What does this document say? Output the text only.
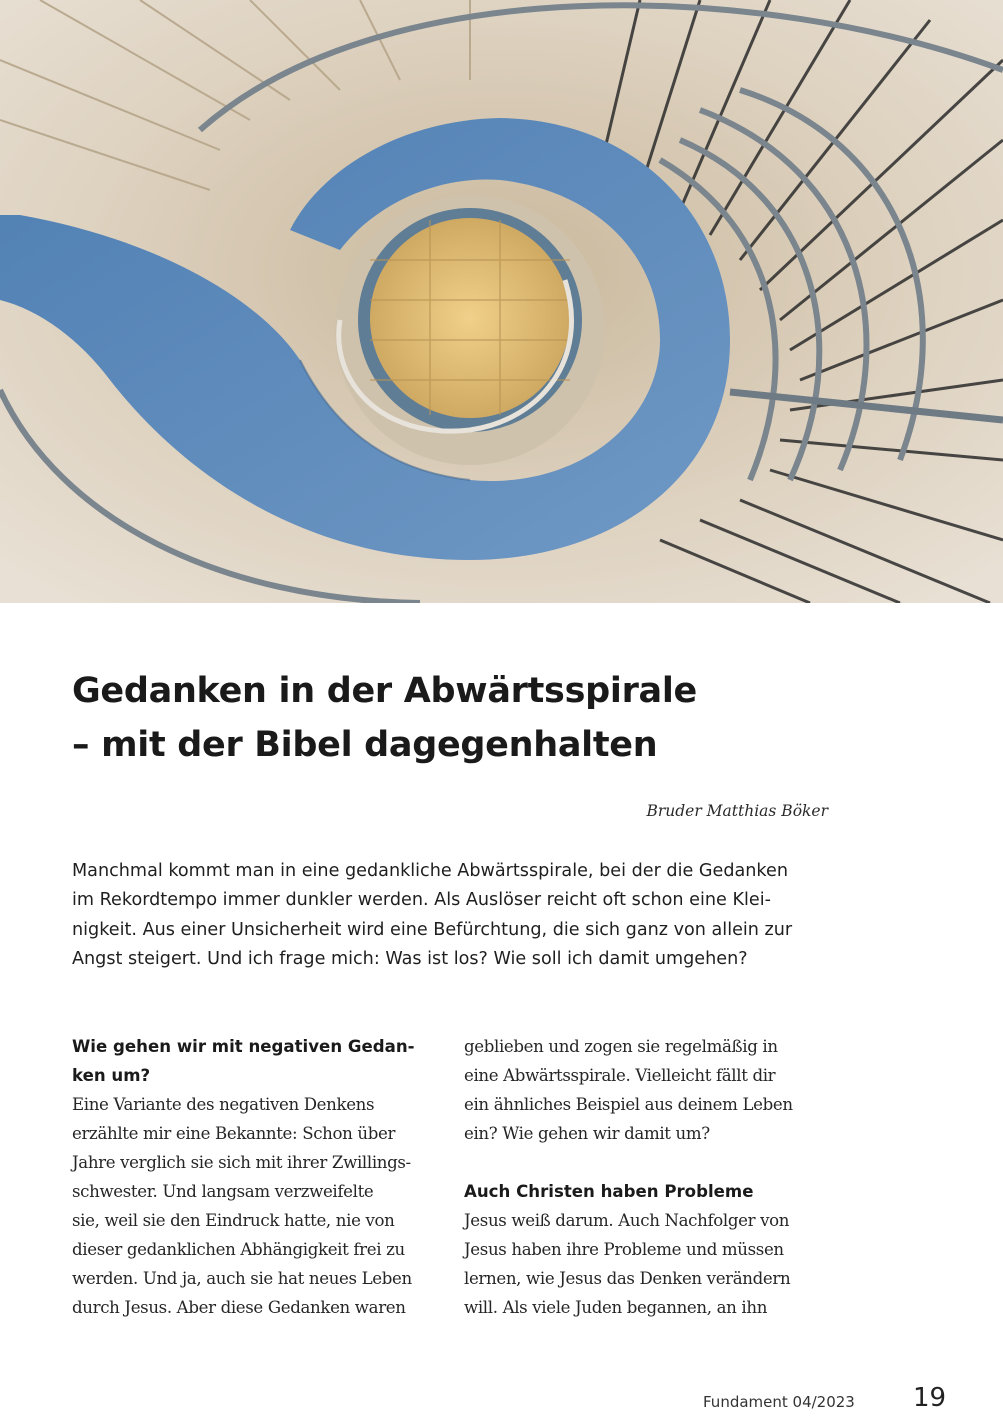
Gedanken in der Abwärtsspirale
– mit der Bibel dagegenhalten
Bruder Matthias Böker

Manchmal kommt man in eine gedankliche Abwärtsspirale, bei der die Gedanken
im Rekordtempo immer dunkler werden. Als Auslöser reicht oft schon eine Klei-
nigkeit. Aus einer Unsicherheit wird eine Befürchtung, die sich ganz von allein zur
Angst steigert. Und ich frage mich: Was ist los? Wie soll ich damit umgehen?

Wie gehen wir mit negativen Gedan-
ken um?

Eine Variante des negativen Denkens
erzählte mir eine Bekannte: Schon über
Jahre verglich sie sich mit ihrer Zwillings-
schwester. Und langsam verzweifelte
sie, weil sie den Eindruck hatte, nie von
dieser gedanklichen Abhängigkeit frei zu
werden. Und ja, auch sie hat neues Leben
durch Jesus. Aber diese Gedanken waren

geblieben und zogen sie regelmäßig in
eine Abwärtsspirale. Vielleicht fällt dir
ein ähnliches Beispiel aus deinem Leben
ein? Wie gehen wir damit um?

Auch Christen haben Probleme

Jesus weiß darum. Auch Nachfolger von
Jesus haben ihre Probleme und müssen
lernen, wie Jesus das Denken verändern
will. Als viele Juden begannen, an ihn

Fundament 04/2023 19
